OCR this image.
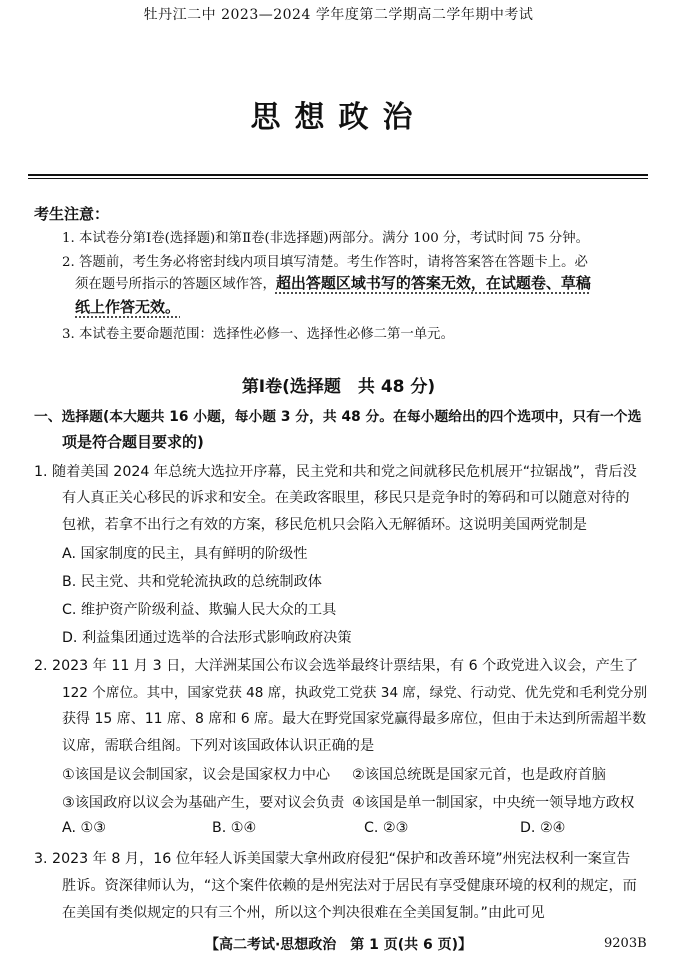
牡丹江二中 2023—2024 学年度第二学期高二学年期中考试
思想政治
考生注意：
1. 本试卷分第Ⅰ卷(选择题)和第Ⅱ卷(非选择题)两部分。满分 100 分，考试时间 75 分钟。
2. 答题前，考生务必将密封线内项目填写清楚。考生作答时，请将答案答在答题卡上。必
须在题号所指示的答题区域作答，超出答题区域书写的答案无效，在试题卷、草稿
纸上作答无效。
3. 本试卷主要命题范围：选择性必修一、选择性必修二第一单元。
第Ⅰ卷(选择题　共 48 分)
一、选择题(本大题共 16 小题，每小题 3 分，共 48 分。在每小题给出的四个选项中，只有一个选
项是符合题目要求的)
1. 随着美国 2024 年总统大选拉开序幕，民主党和共和党之间就移民危机展开“拉锯战”，背后没
有人真正关心移民的诉求和安全。在美政客眼里，移民只是竞争时的筹码和可以随意对待的
包袱，若拿不出行之有效的方案，移民危机只会陷入无解循环。这说明美国两党制是
A. 国家制度的民主，具有鲜明的阶级性
B. 民主党、共和党轮流执政的总统制政体
C. 维护资产阶级利益、欺骗人民大众的工具
D. 利益集团通过选举的合法形式影响政府决策
2. 2023 年 11 月 3 日，大洋洲某国公布议会选举最终计票结果，有 6 个政党进入议会，产生了
122 个席位。其中，国家党获 48 席，执政党工党获 34 席，绿党、行动党、优先党和毛利党分别
获得 15 席、11 席、8 席和 6 席。最大在野党国家党赢得最多席位，但由于未达到所需超半数
议席，需联合组阁。下列对该国政体认识正确的是
①该国是议会制国家，议会是国家权力中心 ②该国总统既是国家元首，也是政府首脑
③该国政府以议会为基础产生，要对议会负责 ④该国是单一制国家，中央统一领导地方政权
A. ①③	B. ①④	C. ②③	D. ②④
3. 2023 年 8 月，16 位年轻人诉美国蒙大拿州政府侵犯“保护和改善环境”州宪法权利一案宣告
胜诉。资深律师认为，“这个案件依赖的是州宪法对于居民有享受健康环境的权利的规定，而
在美国有类似规定的只有三个州，所以这个判决很难在全美国复制。”由此可见
【高二考试·思想政治　第 1 页(共 6 页)】	9203B
